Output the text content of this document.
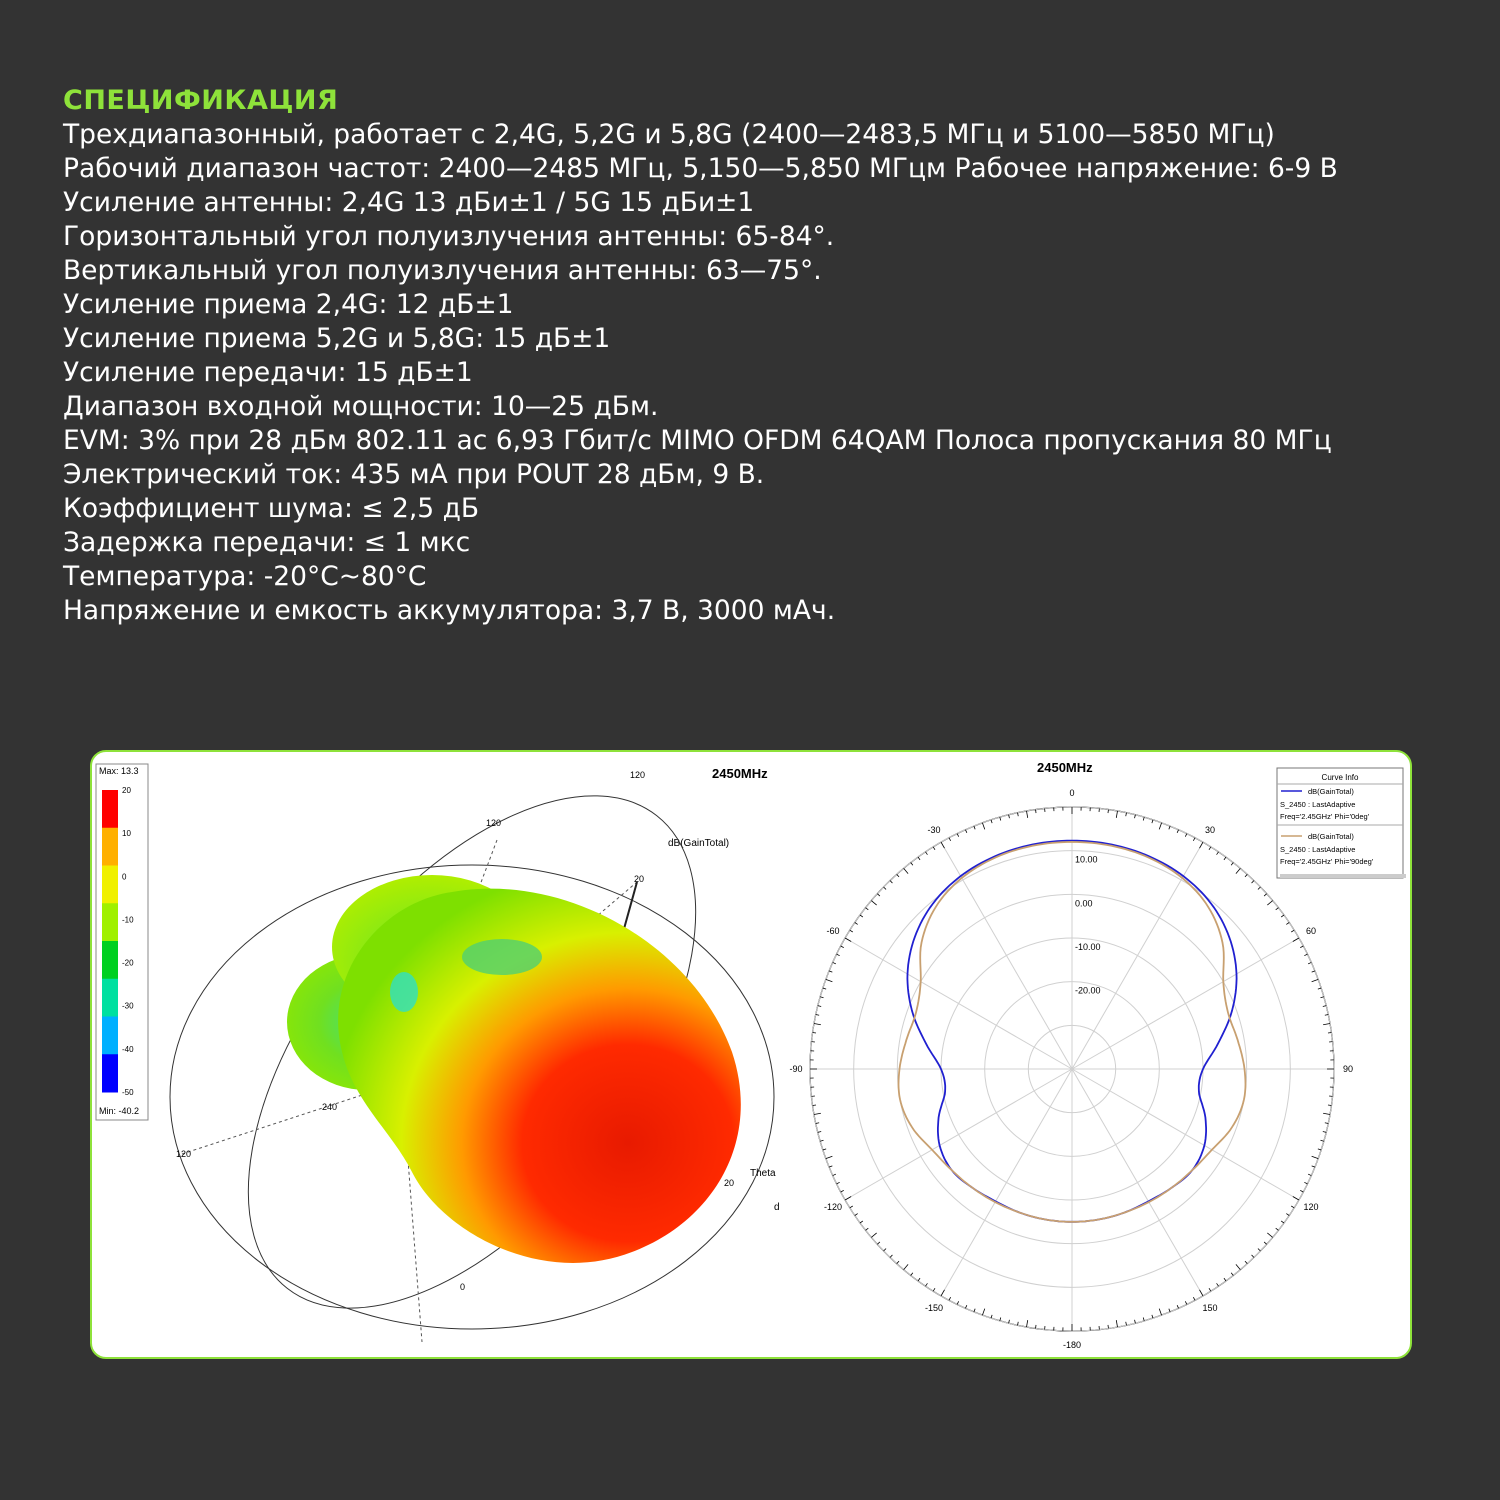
СПЕЦИФИКАЦИЯ
Трехдиапазонный, работает с 2,4G, 5,2G и 5,8G (2400—2483,5 МГц и 5100—5850 МГц)
Рабочий диапазон частот: 2400—2485 МГц, 5,150—5,850 МГцм Рабочее напряжение: 6-9 В
Усиление антенны: 2,4G 13 дБи±1 / 5G 15 дБи±1
Горизонтальный угол полуизлучения антенны: 65-84°.
Вертикальный угол полуизлучения антенны: 63—75°.
Усиление приема 2,4G: 12 дБ±1
Усиление приема 5,2G и 5,8G: 15 дБ±1
Усиление передачи: 15 дБ±1
Диапазон входной мощности: 10—25 дБм.
EVM: 3% при 28 дБм 802.11 ac 6,93 Гбит/с MIMO OFDM 64QAM Полоса пропускания 80 МГц
Электрический ток: 435 мА при POUT 28 дБм, 9 В.
Коэффициент шума: ≤ 2,5 дБ
Задержка передачи: ≤ 1 мкс
Температура: -20°C~80°C
Напряжение и емкость аккумулятора: 3,7 В, 3000 мАч.
Max: 13.3
Min: -40.2
20
10
0
-10
-20
-30
-40
-50
2450MHz
dB(GainTotal)
120
120
120
240
0
Theta
d
20
20
2450MHz
0
30
60
90
120
150
-180
-150
-120
-90
-60
-30
10.00
0.00
-10.00
-20.00
Curve Info
dB(GainTotal)
S_2450 : LastAdaptive
Freq='2.45GHz' Phi='0deg'
dB(GainTotal)
S_2450 : LastAdaptive
Freq='2.45GHz' Phi='90deg'
